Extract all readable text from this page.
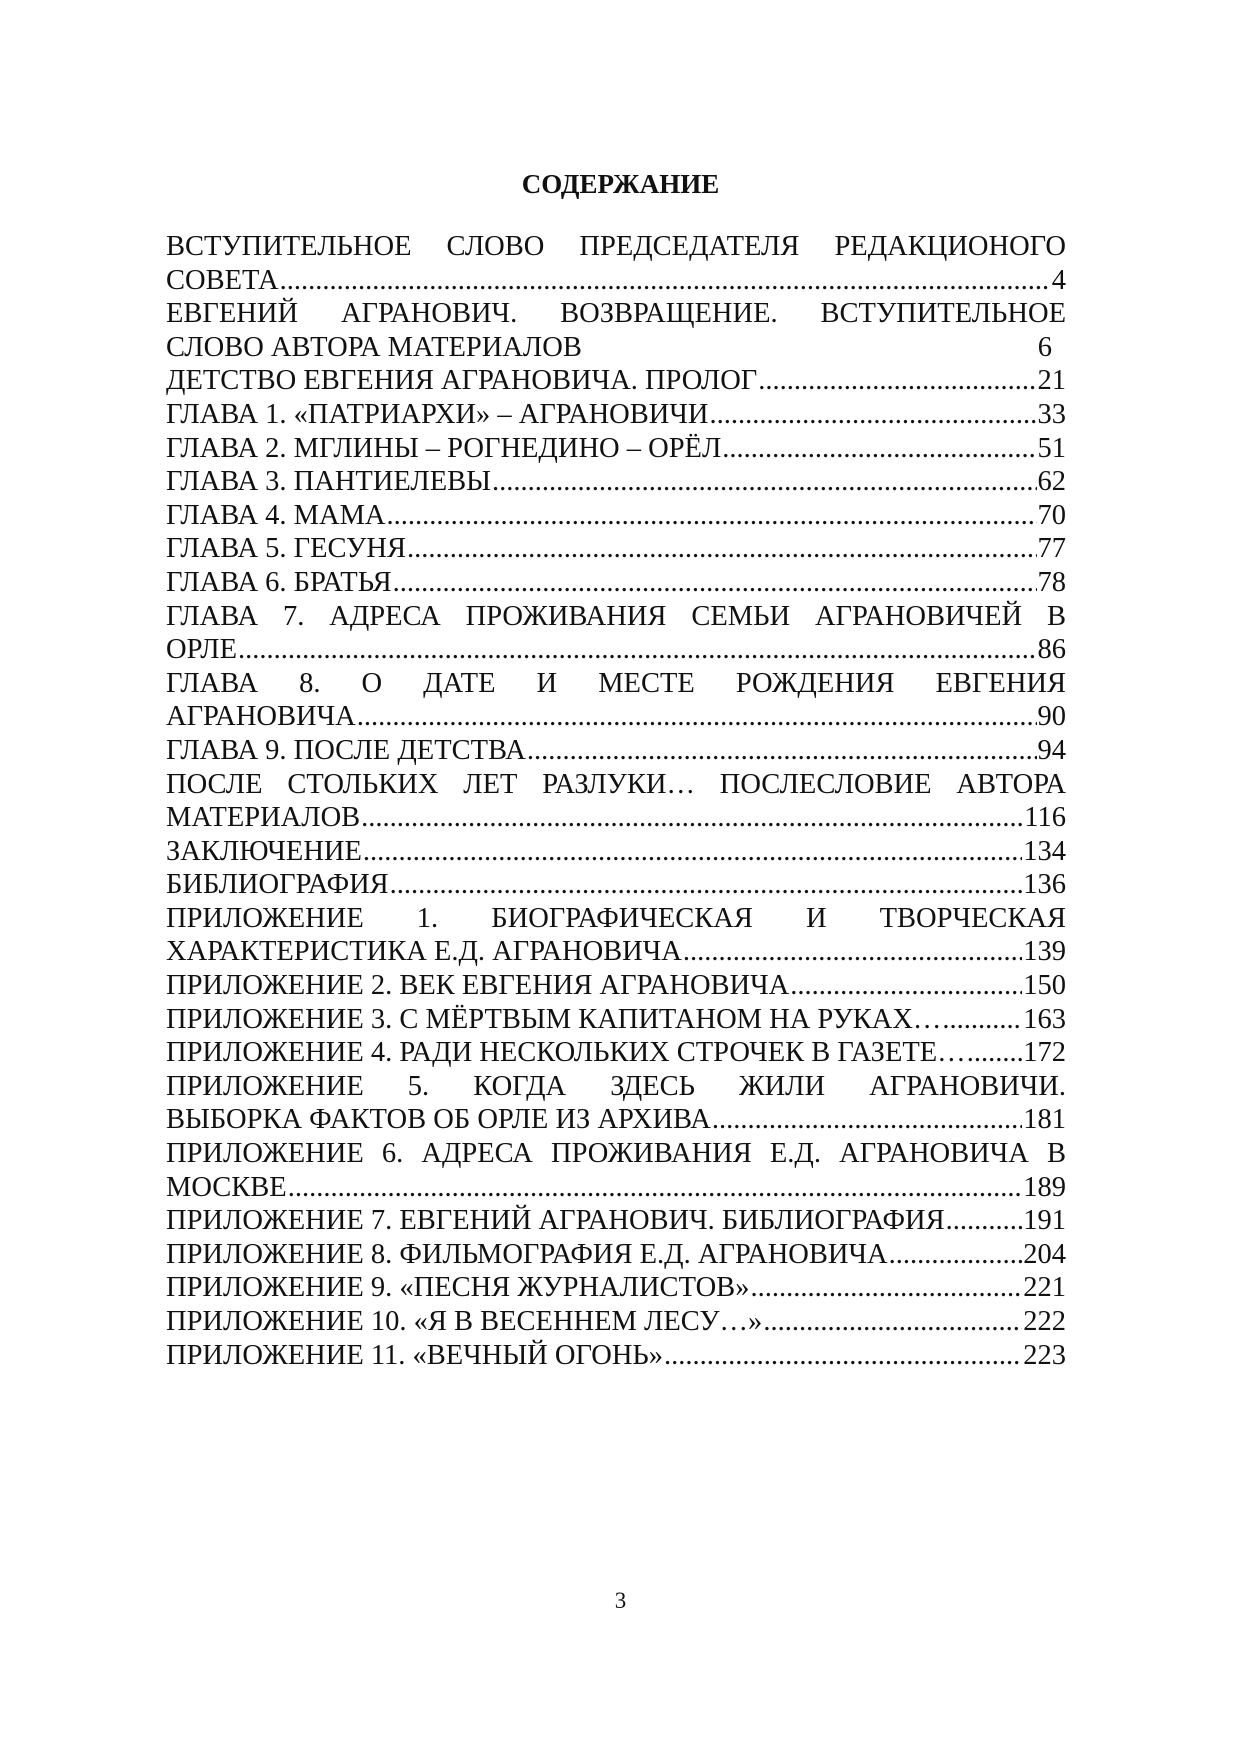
СОДЕРЖАНИЕ
ВСТУПИТЕЛЬНОЕ СЛОВО ПРЕДСЕДАТЕЛЯ РЕДАКЦИОНОГО
СОВЕТА .....	4
ЕВГЕНИЙ АГРАНОВИЧ. ВОЗВРАЩЕНИЕ. ВСТУПИТЕЛЬНОЕ
СЛОВО АВТОРА МАТЕРИАЛОВ	6
ДЕТСТВО ЕВГЕНИЯ АГРАНОВИЧА. ПРОЛОГ .....	21
ГЛАВА 1. «ПАТРИАРХИ» – АГРАНОВИЧИ .....	33
ГЛАВА 2. МГЛИНЫ – РОГНЕДИНО – ОРЁЛ .....	51
ГЛАВА 3. ПАНТИЕЛЕВЫ .....	62
ГЛАВА 4. МАМА .....	70
ГЛАВА 5. ГЕСУНЯ .....	77
ГЛАВА 6. БРАТЬЯ .....	78
ГЛАВА 7. АДРЕСА ПРОЖИВАНИЯ СЕМЬИ АГРАНОВИЧЕЙ В
ОРЛЕ .....	86
ГЛАВА 8. О ДАТЕ И МЕСТЕ РОЖДЕНИЯ ЕВГЕНИЯ
АГРАНОВИЧА .....	90
ГЛАВА 9. ПОСЛЕ ДЕТСТВА .....	94
ПОСЛЕ СТОЛЬКИХ ЛЕТ РАЗЛУКИ… ПОСЛЕСЛОВИЕ АВТОРА
МАТЕРИАЛОВ .....	116
ЗАКЛЮЧЕНИЕ .....	134
БИБЛИОГРАФИЯ .....	136
ПРИЛОЖЕНИЕ 1. БИОГРАФИЧЕСКАЯ И ТВОРЧЕСКАЯ
ХАРАКТЕРИСТИКА Е.Д. АГРАНОВИЧА .....	139
ПРИЛОЖЕНИЕ 2. ВЕК ЕВГЕНИЯ АГРАНОВИЧА .....	150
ПРИЛОЖЕНИЕ 3. С МЁРТВЫМ КАПИТАНОМ НА РУКАХ… .....	163
ПРИЛОЖЕНИЕ 4. РАДИ НЕСКОЛЬКИХ СТРОЧЕК В ГАЗЕТЕ… ..... 172
ПРИЛОЖЕНИЕ 5. КОГДА ЗДЕСЬ ЖИЛИ АГРАНОВИЧИ.
ВЫБОРКА ФАКТОВ ОБ ОРЛЕ ИЗ АРХИВА .....	181
ПРИЛОЖЕНИЕ 6. АДРЕСА ПРОЖИВАНИЯ Е.Д. АГРАНОВИЧА В
МОСКВЕ .....	189
ПРИЛОЖЕНИЕ 7. ЕВГЕНИЙ АГРАНОВИЧ. БИБЛИОГРАФИЯ .....	191
ПРИЛОЖЕНИЕ 8. ФИЛЬМОГРАФИЯ Е.Д. АГРАНОВИЧА .....	204
ПРИЛОЖЕНИЕ 9. «ПЕСНЯ ЖУРНАЛИСТОВ» .....	221
ПРИЛОЖЕНИЕ 10. «Я В ВЕСЕННЕМ ЛЕСУ…» .....	222
ПРИЛОЖЕНИЕ 11. «ВЕЧНЫЙ ОГОНЬ» .....	223

3
